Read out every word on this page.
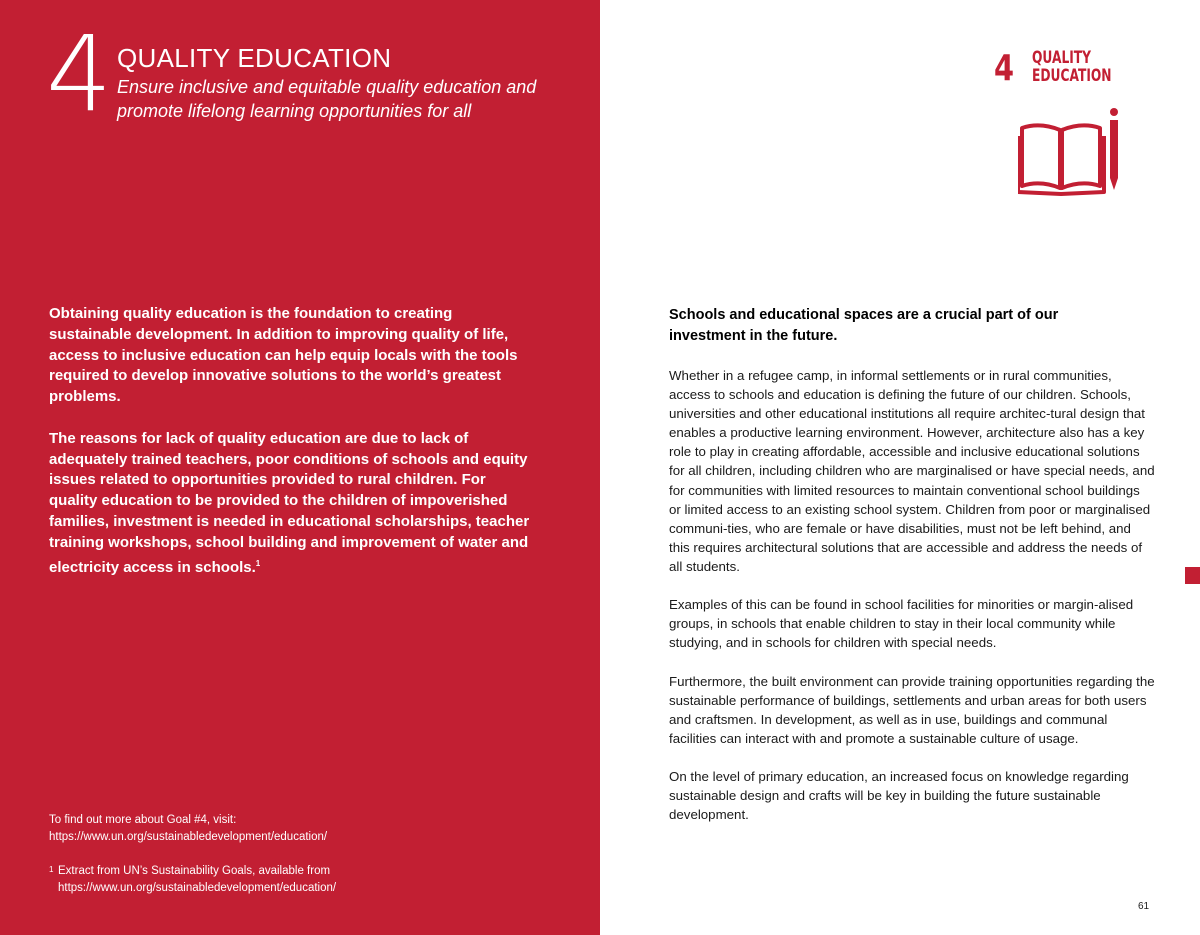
4 QUALITY EDUCATION
Ensure inclusive and equitable quality education and promote lifelong learning opportunities for all

Obtaining quality education is the foundation to creating sustainable development. In addition to improving quality of life, access to inclusive education can help equip locals with the tools required to develop innovative solutions to the world’s greatest problems.

The reasons for lack of quality education are due to lack of adequately trained teachers, poor conditions of schools and equity issues related to opportunities provided to rural children. For quality education to be provided to the children of impoverished families, investment is needed in educational scholarships, teacher training workshops, school building and improvement of water and electricity access in schools.$^1$

To find out more about Goal #4, visit:

https://www.un.org/sustainabledevelopment/education/

1 Extract from UN’s Sustainability Goals, available from

https://www.un.org/sustainabledevelopment/education/

4 QUALITY
EDUCATION
Schools and educational spaces are a crucial part of our investment in the future.

Whether in a refugee camp, in informal settlements or in rural communities, access to schools and education is defining the future of our children. Schools, universities and other educational institutions all require architec-tural design that enables a productive learning environment. However, architecture also has a key role to play in creating affordable, accessible and inclusive educational solutions for all children, including children who are marginalised or have special needs, and for communities with limited resources to maintain conventional school buildings or limited access to an existing school system. Children from poor or marginalised communi-ties, who are female or have disabilities, must not be left behind, and this requires architectural solutions that are accessible and address the needs of all students.

Examples of this can be found in school facilities for minorities or margin-alised groups, in schools that enable children to stay in their local community while studying, and in schools for children with special needs.

Furthermore, the built environment can provide training opportunities regarding the sustainable performance of buildings, settlements and urban areas for both users and craftsmen. In development, as well as in use, buildings and communal facilities can interact with and promote a sustainable culture of usage.

On the level of primary education, an increased focus on knowledge regarding sustainable design and crafts will be key in building the future sustainable development.

61
